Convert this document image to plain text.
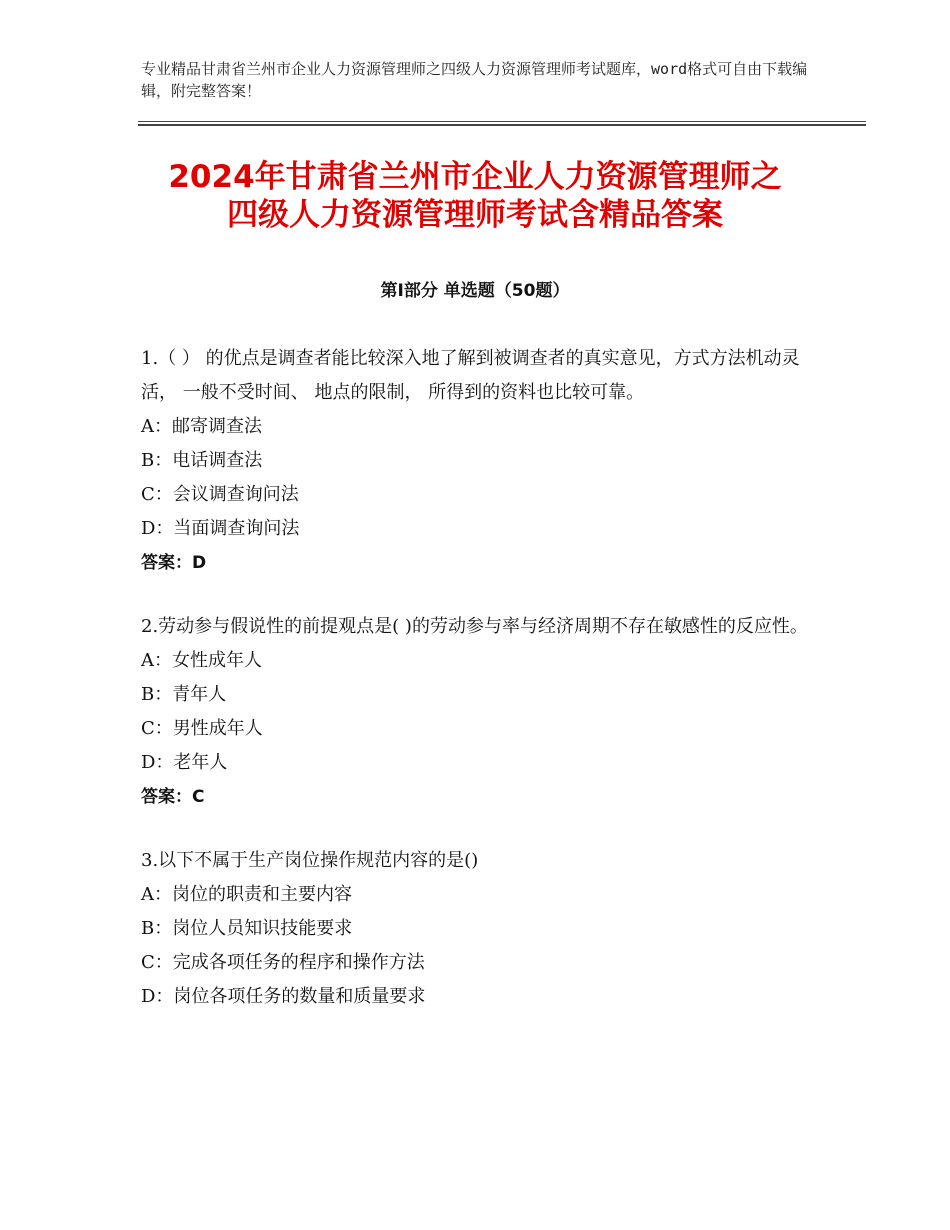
专业精品甘肃省兰州市企业人力资源管理师之四级人力资源管理师考试题库，word格式可自由下载编辑，附完整答案！
2024年甘肃省兰州市企业人力资源管理师之
四级人力资源管理师考试含精品答案
第Ⅰ部分 单选题（50题）

1.（ ） 的优点是调查者能比较深入地了解到被调查者的真实意见，方式方法机动灵活， 一般不受时间、 地点的限制， 所得到的资料也比较可靠。

A：邮寄调查法

B：电话调查法

C：会议调查询问法

D：当面调查询问法

答案：D

2.劳动参与假说性的前提观点是( )的劳动参与率与经济周期不存在敏感性的反应性。

A：女性成年人

B：青年人

C：男性成年人

D：老年人

答案：C

3.以下不属于生产岗位操作规范内容的是()

A：岗位的职责和主要内容

B：岗位人员知识技能要求

C：完成各项任务的程序和操作方法

D：岗位各项任务的数量和质量要求
